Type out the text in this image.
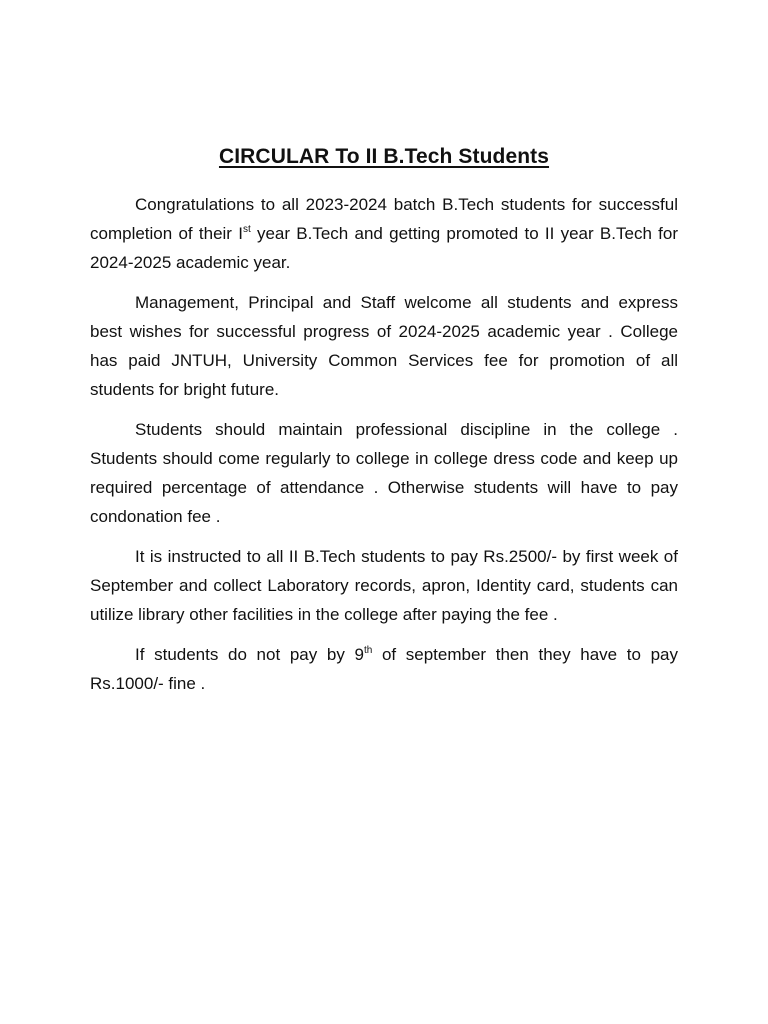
CIRCULAR To II B.Tech Students

Congratulations to all 2023-2024 batch B.Tech students for successful completion of their Ist year B.Tech and getting promoted to II year B.Tech for 2024-2025 academic year.

Management, Principal and Staff welcome all students and express best wishes for successful progress of 2024-2025 academic year . College has paid JNTUH, University Common Services fee for promotion of all students for bright future.

Students should maintain professional discipline in the college . Students should come regularly to college in college dress code and keep up required percentage of attendance . Otherwise students will have to pay condonation fee .

It is instructed to all II B.Tech students to pay Rs.2500/- by first week of September and collect Laboratory records, apron, Identity card, students can utilize library other facilities in the college after paying the fee .

If students do not pay by 9th of september then they have to pay Rs.1000/- fine .
